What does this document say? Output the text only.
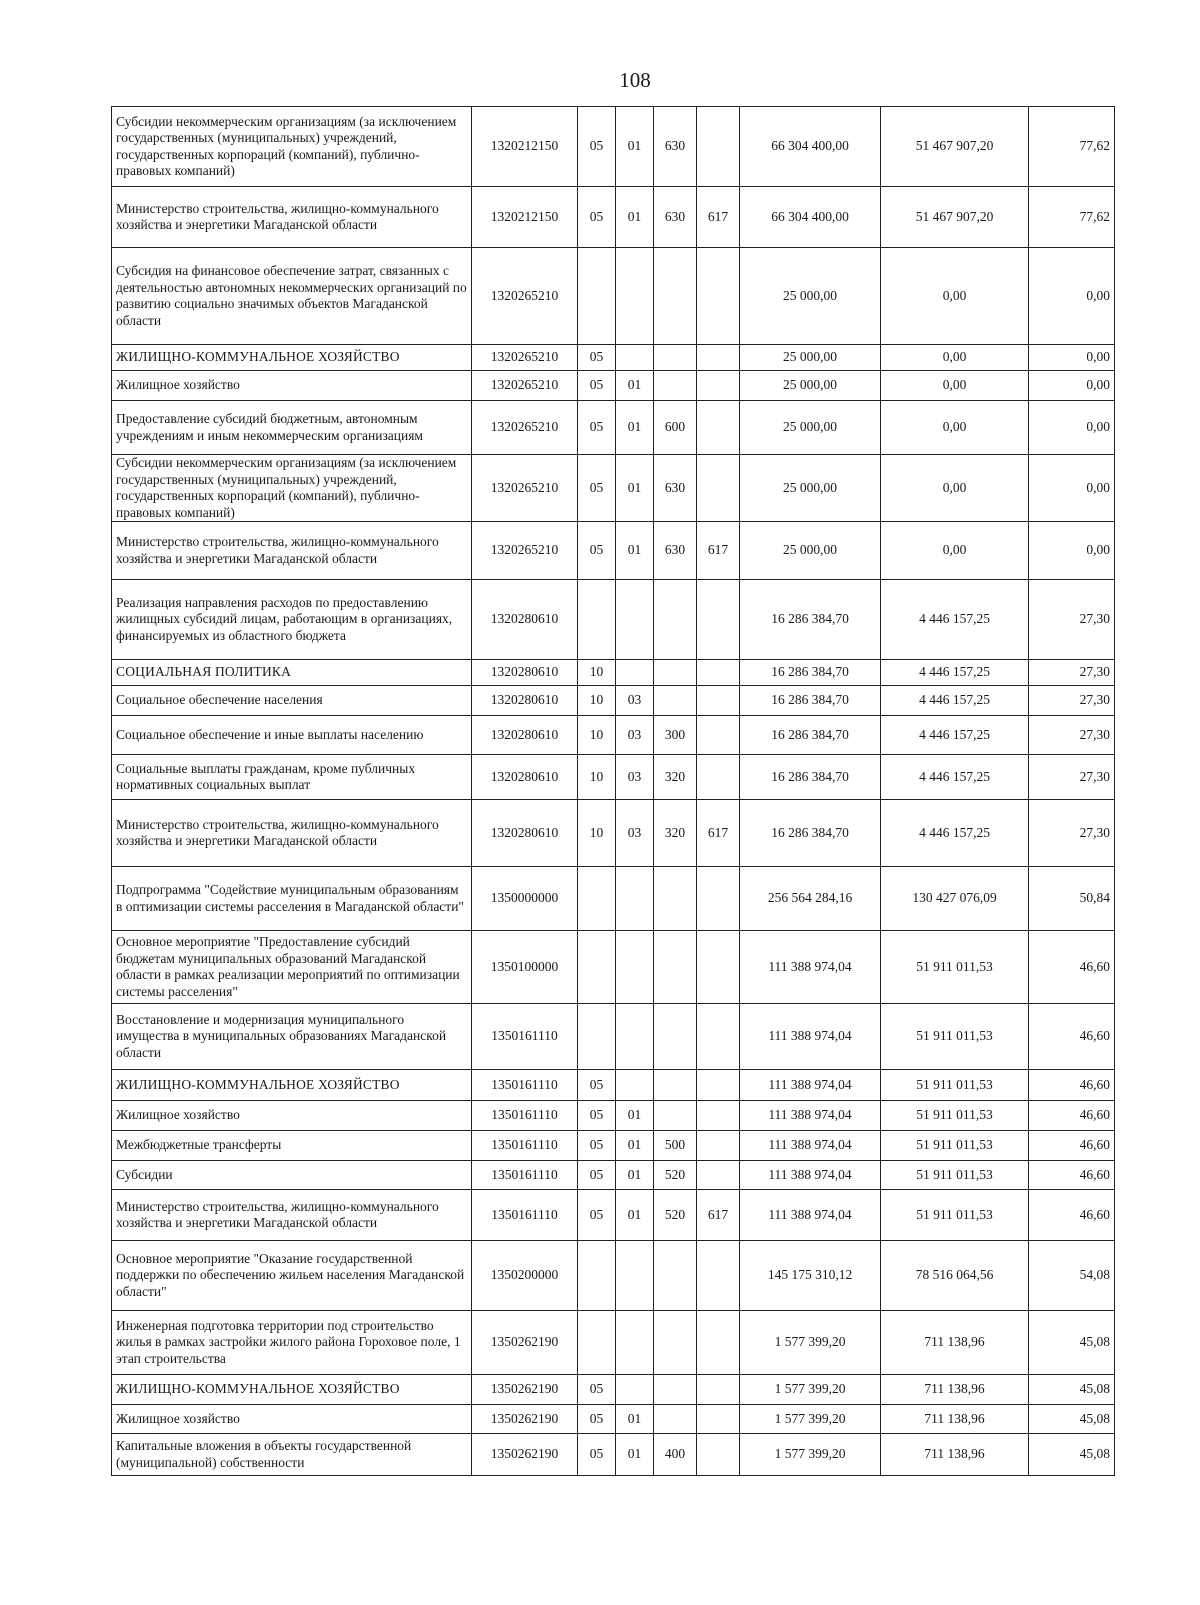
108
Субсидии некоммерческим организациям (за исключением государственных (муниципальных) учреждений, государственных корпораций (компаний), публично-правовых компаний)	1320212150	05	01	630		66 304 400,00	51 467 907,20	77,62
Министерство строительства, жилищно-коммунального хозяйства и энергетики Магаданской области	1320212150	05	01	630	617	66 304 400,00	51 467 907,20	77,62
Субсидия на финансовое обеспечение затрат, связанных с деятельностью автономных некоммерческих организаций по развитию социально значимых объектов Магаданской области	1320265210					25 000,00	0,00	0,00
ЖИЛИЩНО-КОММУНАЛЬНОЕ ХОЗЯЙСТВО	1320265210	05				25 000,00	0,00	0,00
Жилищное хозяйство	1320265210	05	01			25 000,00	0,00	0,00
Предоставление субсидий бюджетным, автономным учреждениям и иным некоммерческим организациям	1320265210	05	01	600		25 000,00	0,00	0,00
Субсидии некоммерческим организациям (за исключением государственных (муниципальных) учреждений, государственных корпораций (компаний), публично-правовых компаний)	1320265210	05	01	630		25 000,00	0,00	0,00
Министерство строительства, жилищно-коммунального хозяйства и энергетики Магаданской области	1320265210	05	01	630	617	25 000,00	0,00	0,00
Реализация направления расходов по предоставлению жилищных субсидий лицам, работающим в организациях, финансируемых из областного бюджета	1320280610					16 286 384,70	4 446 157,25	27,30
СОЦИАЛЬНАЯ ПОЛИТИКА	1320280610	10				16 286 384,70	4 446 157,25	27,30
Социальное обеспечение населения	1320280610	10	03			16 286 384,70	4 446 157,25	27,30
Социальное обеспечение и иные выплаты населению	1320280610	10	03	300		16 286 384,70	4 446 157,25	27,30
Социальные выплаты гражданам, кроме публичных нормативных социальных выплат	1320280610	10	03	320		16 286 384,70	4 446 157,25	27,30
Министерство строительства, жилищно-коммунального хозяйства и энергетики Магаданской области	1320280610	10	03	320	617	16 286 384,70	4 446 157,25	27,30
Подпрограмма "Содействие муниципальным образованиям в оптимизации системы расселения в Магаданской области"	1350000000					256 564 284,16	130 427 076,09	50,84
Основное мероприятие "Предоставление субсидий бюджетам муниципальных образований Магаданской области в рамках реализации мероприятий по оптимизации системы расселения"	1350100000					111 388 974,04	51 911 011,53	46,60
Восстановление и модернизация муниципального имущества в муниципальных образованиях Магаданской области	1350161110					111 388 974,04	51 911 011,53	46,60
ЖИЛИЩНО-КОММУНАЛЬНОЕ ХОЗЯЙСТВО	1350161110	05				111 388 974,04	51 911 011,53	46,60
Жилищное хозяйство	1350161110	05	01			111 388 974,04	51 911 011,53	46,60
Межбюджетные трансферты	1350161110	05	01	500		111 388 974,04	51 911 011,53	46,60
Субсидии	1350161110	05	01	520		111 388 974,04	51 911 011,53	46,60
Министерство строительства, жилищно-коммунального хозяйства и энергетики Магаданской области	1350161110	05	01	520	617	111 388 974,04	51 911 011,53	46,60
Основное мероприятие "Оказание государственной поддержки по обеспечению жильем населения Магаданской области"	1350200000					145 175 310,12	78 516 064,56	54,08
Инженерная подготовка территории под строительство жилья в рамках застройки жилого района Гороховое поле, 1 этап строительства	1350262190					1 577 399,20	711 138,96	45,08
ЖИЛИЩНО-КОММУНАЛЬНОЕ ХОЗЯЙСТВО	1350262190	05				1 577 399,20	711 138,96	45,08
Жилищное хозяйство	1350262190	05	01			1 577 399,20	711 138,96	45,08
Капитальные вложения в объекты государственной (муниципальной) собственности	1350262190	05	01	400		1 577 399,20	711 138,96	45,08
